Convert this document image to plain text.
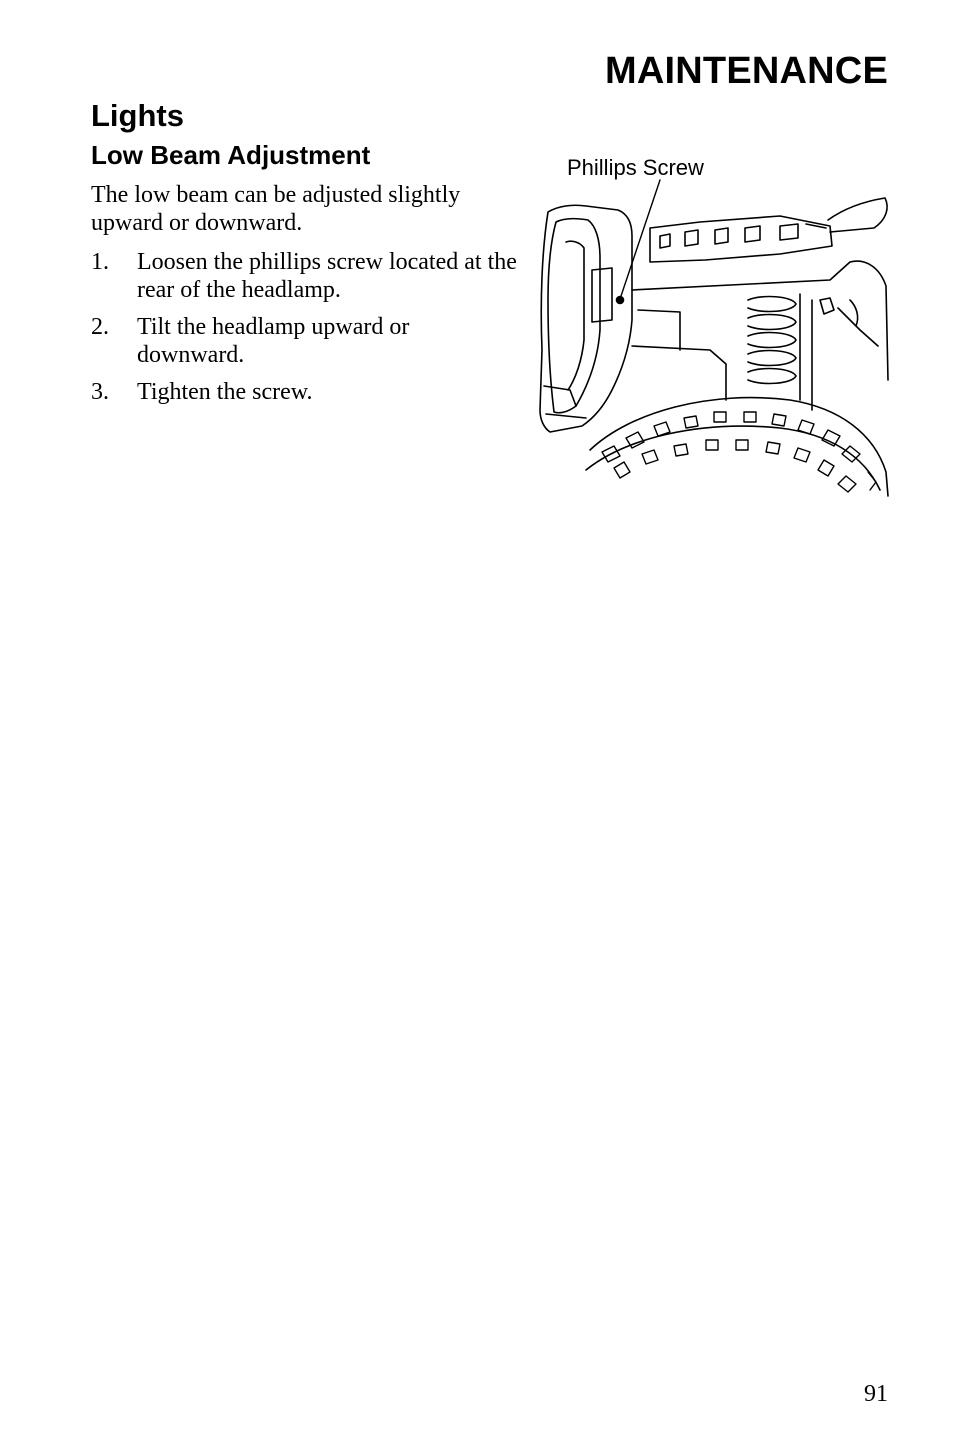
MAINTENANCE
Lights
Low Beam Adjustment
The low beam can be adjusted slightly upward or downward.
1.	Loosen the phillips screw located at the rear of the headlamp.
2.	Tilt the headlamp upward or downward.
3.	Tighten the screw.
Phillips Screw
91
